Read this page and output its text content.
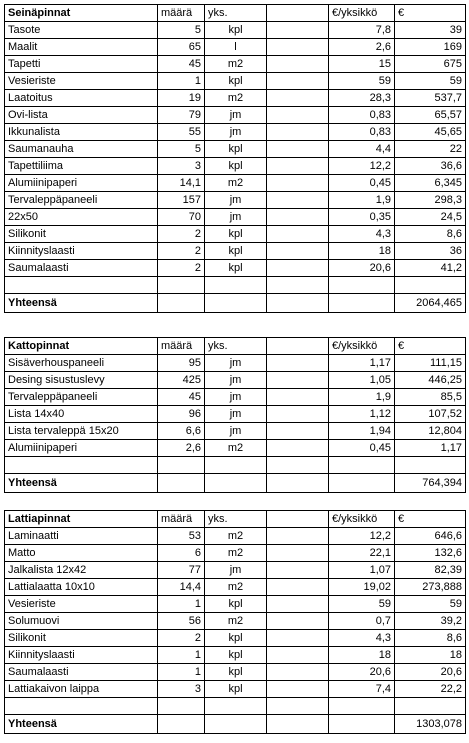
Seinäpinnat	määrä	yks.		€/yksikkö	€
Tasote	5	kpl		7,8	39
Maalit	65	l		2,6	169
Tapetti	45	m2		15	675
Vesieriste	1	kpl		59	59
Laatoitus	19	m2		28,3	537,7
Ovi-lista	79	jm		0,83	65,57
Ikkunalista	55	jm		0,83	45,65
Saumanauha	5	kpl		4,4	22
Tapettiliima	3	kpl		12,2	36,6
Alumiinipaperi	14,1	m2		0,45	6,345
Tervaleppäpaneeli	157	jm		1,9	298,3
22x50	70	jm		0,35	24,5
Silikonit	2	kpl		4,3	8,6
Kiinnityslaasti	2	kpl		18	36
Saumalaasti	2	kpl		20,6	41,2

Yhteensä					2064,465
Kattopinnat	määrä	yks.		€/yksikkö	€
Sisäverhouspaneeli	95	jm		1,17	111,15
Desing sisustuslevy	425	jm		1,05	446,25
Tervaleppäpaneeli	45	jm		1,9	85,5
Lista 14x40	96	jm		1,12	107,52
Lista tervaleppä 15x20	6,6	jm		1,94	12,804
Alumiinipaperi	2,6	m2		0,45	1,17

Yhteensä					764,394
Lattiapinnat	määrä	yks.		€/yksikkö	€
Laminaatti	53	m2		12,2	646,6
Matto	6	m2		22,1	132,6
Jalkalista 12x42	77	jm		1,07	82,39
Lattialaatta 10x10	14,4	m2		19,02	273,888
Vesieriste	1	kpl		59	59
Solumuovi	56	m2		0,7	39,2
Silikonit	2	kpl		4,3	8,6
Kiinnityslaasti	1	kpl		18	18
Saumalaasti	1	kpl		20,6	20,6
Lattiakaivon laippa	3	kpl		7,4	22,2

Yhteensä					1303,078
